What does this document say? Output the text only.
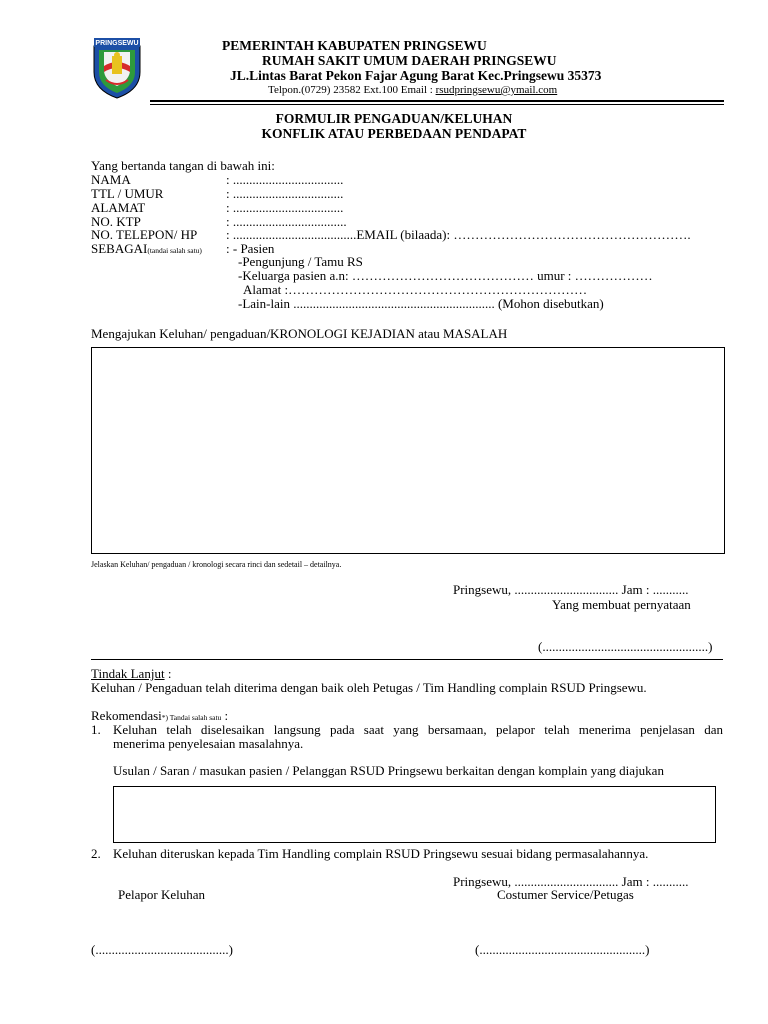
PRINGSEWU	PEMERINTAH KABUPATEN PRINGSEWU
RUMAH SAKIT UMUM DAERAH PRINGSEWU
JL.Lintas Barat Pekon Fajar Agung Barat Kec.Pringsewu 35373
Telpon.(0729) 23582 Ext.100 Email : rsudpringsewu@ymail.com
FORMULIR PENGADUAN/KELUHAN
KONFLIK ATAU PERBEDAAN PENDAPAT
Yang bertanda tangan di bawah ini:
NAMA	: ..................................
TTL / UMUR	: ..................................
ALAMAT	: ..................................
NO. KTP	: ...................................
NO. TELEPON/ HP : ......................................EMAIL (bilaada): ……………………………………………….
SEBAGAI(tandai salah satu) : - Pasien
-Pengunjung / Tamu RS
-Keluarga pasien a.n: …………………………………… umur : ………………
Alamat :……………………………………………………………
-Lain-lain .............................................................. (Mohon disebutkan)
Mengajukan Keluhan/ pengaduan/KRONOLOGI KEJADIAN atau MASALAH
Jelaskan Keluhan/ pengaduan / kronologi secara rinci dan sedetail – detailnya.
Pringsewu, ................................ Jam : ...........
Yang membuat pernyataan
(...................................................)
Tindak Lanjut :
Keluhan / Pengaduan telah diterima dengan baik oleh Petugas / Tim Handling complain RSUD Pringsewu.
Rekomendasi*) Tandai salah satu :
1. Keluhan telah diselesaikan langsung pada saat yang bersamaan, pelapor telah menerima penjelasan dan
menerima penyelesaian masalahnya.
Usulan / Saran / masukan pasien / Pelanggan RSUD Pringsewu berkaitan dengan komplain yang diajukan
2. Keluhan diteruskan kepada Tim Handling complain RSUD Pringsewu sesuai bidang permasalahannya.
Pringsewu, ................................ Jam : ...........
Pelapor Keluhan	Costumer Service/Petugas
(.........................................)	(...................................................)
